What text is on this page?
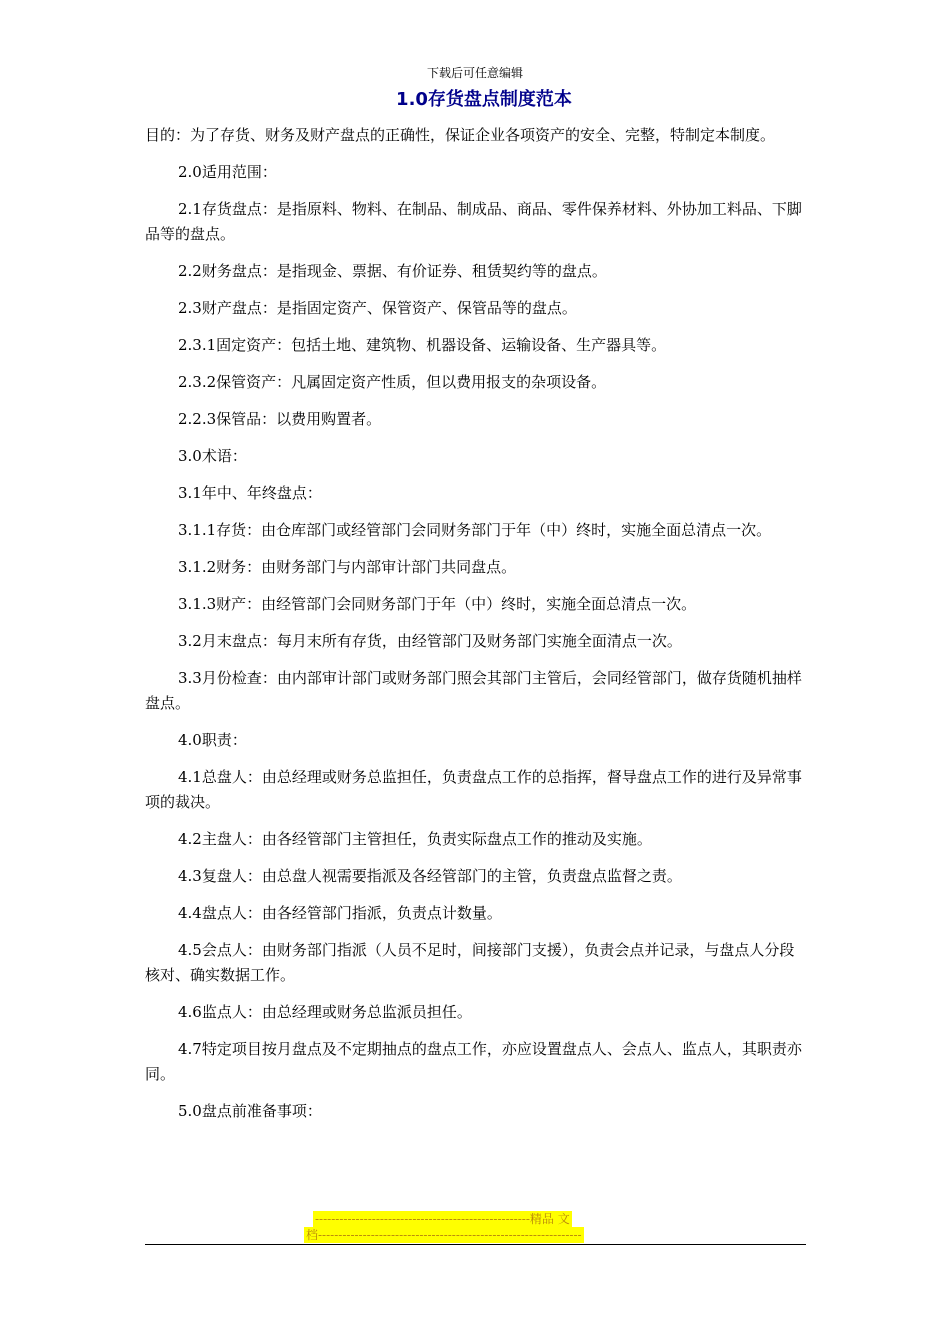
下载后可任意编辑
1.0存货盘点制度范本

目的：为了存货、财务及财产盘点的正确性，保证企业各项资产的安全、完整，特制定本制度。

2.0适用范围：

2.1存货盘点：是指原料、物料、在制品、制成品、商品、零件保养材料、外协加工料品、下脚品等的盘点。

2.2财务盘点：是指现金、票据、有价证券、租赁契约等的盘点。

2.3财产盘点：是指固定资产、保管资产、保管品等的盘点。

2.3.1固定资产：包括土地、建筑物、机器设备、运输设备、生产器具等。

2.3.2保管资产：凡属固定资产性质，但以费用报支的杂项设备。

2.2.3保管品：以费用购置者。

3.0术语：

3.1年中、年终盘点：

3.1.1存货：由仓库部门或经管部门会同财务部门于年（中）终时，实施全面总清点一次。

3.1.2财务：由财务部门与内部审计部门共同盘点。

3.1.3财产：由经管部门会同财务部门于年（中）终时，实施全面总清点一次。

3.2月末盘点：每月末所有存货，由经管部门及财务部门实施全面清点一次。

3.3月份检查：由内部审计部门或财务部门照会其部门主管后，会同经管部门，做存货随机抽样盘点。

4.0职责：

4.1总盘人：由总经理或财务总监担任，负责盘点工作的总指挥，督导盘点工作的进行及异常事项的裁决。

4.2主盘人：由各经管部门主管担任，负责实际盘点工作的推动及实施。

4.3复盘人：由总盘人视需要指派及各经管部门的主管，负责盘点监督之责。

4.4盘点人：由各经管部门指派，负责点计数量。

4.5会点人：由财务部门指派（人员不足时，间接部门支援），负责会点并记录，与盘点人分段核对、确实数据工作。

4.6监点人：由总经理或财务总监派员担任。

4.7特定项目按月盘点及不定期抽点的盘点工作，亦应设置盘点人、会点人、监点人，其职责亦同。

5.0盘点前准备事项：

-----------------------------------------------------精品 文
档-----------------------------------------------------------------
